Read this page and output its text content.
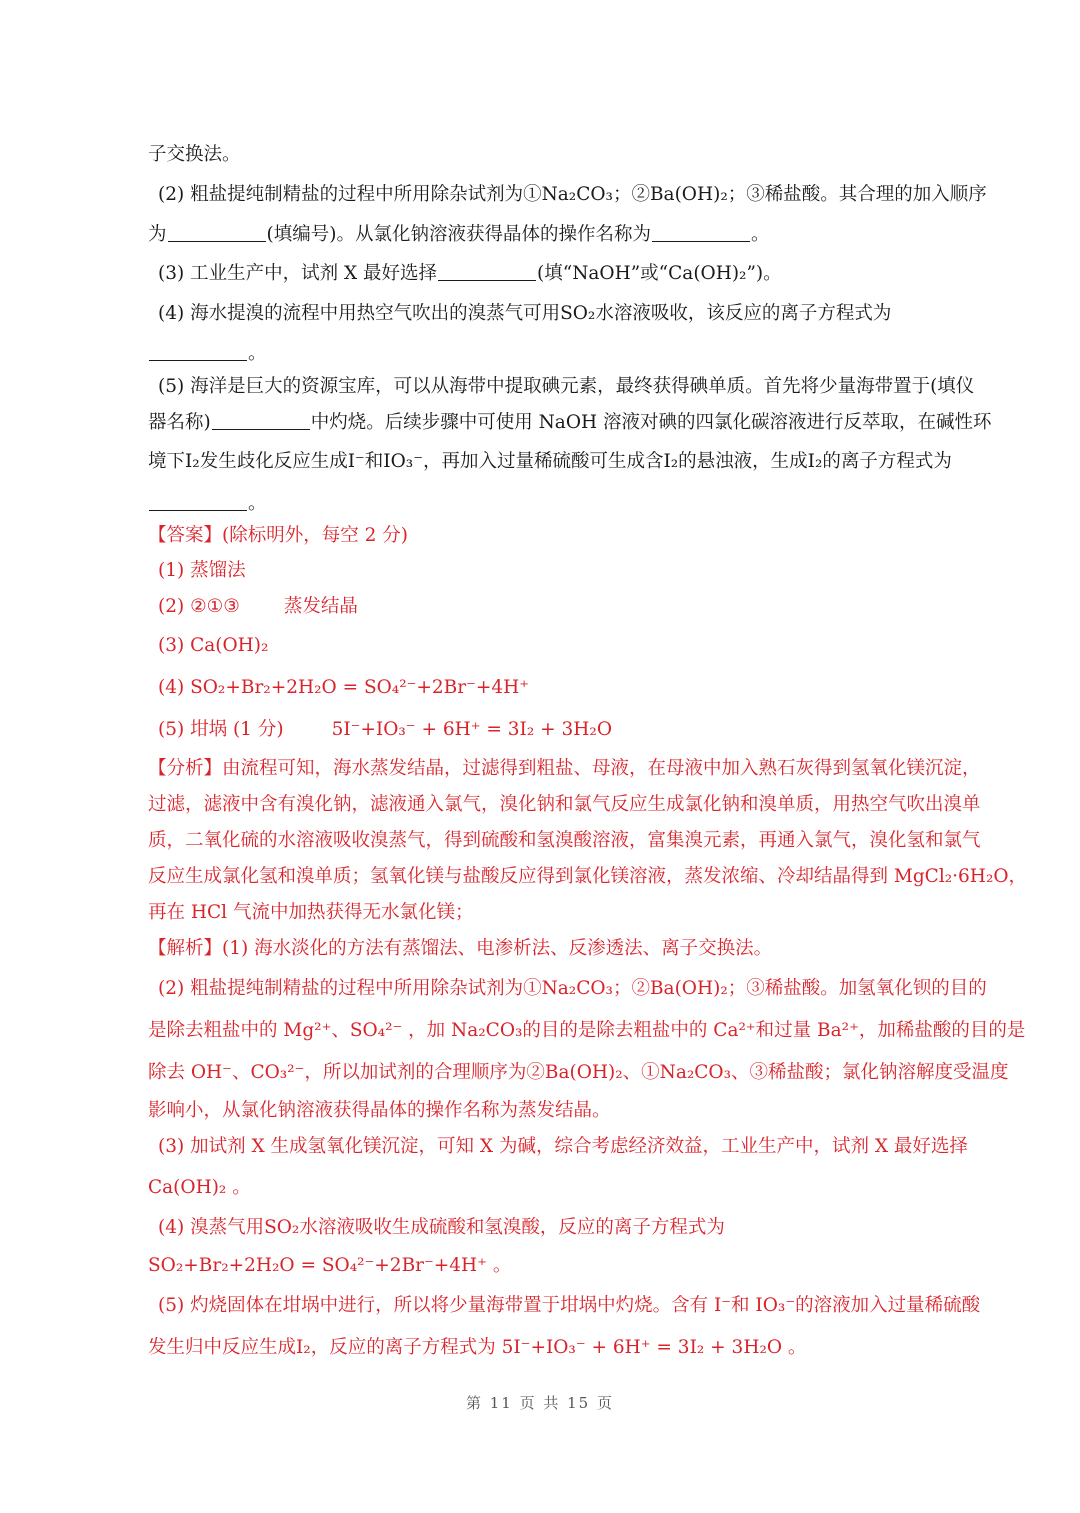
子交换法。
(2) 粗盐提纯制精盐的过程中所用除杂试剂为①Na₂CO₃；②Ba(OH)₂；③稀盐酸。其合理的加入顺序
为	(填编号)。从氯化钠溶液获得晶体的操作名称为	。
(3) 工业生产中，试剂 X 最好选择	(填“NaOH”或“Ca(OH)₂”)。
(4) 海水提溴的流程中用热空气吹出的溴蒸气可用SO₂水溶液吸收，该反应的离子方程式为
。
(5) 海洋是巨大的资源宝库，可以从海带中提取碘元素，最终获得碘单质。首先将少量海带置于(填仪
器名称)	中灼烧。后续步骤中可使用 NaOH 溶液对碘的四氯化碳溶液进行反萃取，在碱性环
境下I₂发生歧化反应生成I⁻和IO₃⁻，再加入过量稀硫酸可生成含I₂的悬浊液，生成I₂的离子方程式为
。
【答案】(除标明外，每空 2 分)
(1) 蒸馏法
(2) ②①③ 蒸发结晶
(3) Ca(OH)₂
(4) SO₂+Br₂+2H₂O = SO₄²⁻+2Br⁻+4H⁺
(5) 坩埚 (1 分)	5I⁻+IO₃⁻ + 6H⁺ = 3I₂ + 3H₂O
【分析】由流程可知，海水蒸发结晶，过滤得到粗盐、母液，在母液中加入熟石灰得到氢氧化镁沉淀，
过滤，滤液中含有溴化钠，滤液通入氯气，溴化钠和氯气反应生成氯化钠和溴单质，用热空气吹出溴单
质，二氧化硫的水溶液吸收溴蒸气，得到硫酸和氢溴酸溶液，富集溴元素，再通入氯气，溴化氢和氯气
反应生成氯化氢和溴单质；氢氧化镁与盐酸反应得到氯化镁溶液，蒸发浓缩、冷却结晶得到 MgCl₂·6H₂O，
再在 HCl 气流中加热获得无水氯化镁；
【解析】(1) 海水淡化的方法有蒸馏法、电渗析法、反渗透法、离子交换法。
(2) 粗盐提纯制精盐的过程中所用除杂试剂为①Na₂CO₃；②Ba(OH)₂；③稀盐酸。加氢氧化钡的目的
是除去粗盐中的 Mg²⁺、SO₄²⁻ ，加 Na₂CO₃的目的是除去粗盐中的 Ca²⁺和过量 Ba²⁺，加稀盐酸的目的是
除去 OH⁻、CO₃²⁻，所以加试剂的合理顺序为②Ba(OH)₂、①Na₂CO₃、③稀盐酸；氯化钠溶解度受温度
影响小，从氯化钠溶液获得晶体的操作名称为蒸发结晶。
(3) 加试剂 X 生成氢氧化镁沉淀，可知 X 为碱，综合考虑经济效益，工业生产中，试剂 X 最好选择
Ca(OH)₂ 。
(4) 溴蒸气用SO₂水溶液吸收生成硫酸和氢溴酸，反应的离子方程式为
SO₂+Br₂+2H₂O = SO₄²⁻+2Br⁻+4H⁺ 。
(5) 灼烧固体在坩埚中进行，所以将少量海带置于坩埚中灼烧。含有 I⁻和 IO₃⁻的溶液加入过量稀硫酸
发生归中反应生成I₂，反应的离子方程式为 5I⁻+IO₃⁻ + 6H⁺ = 3I₂ + 3H₂O 。
第 11 页 共 15 页
